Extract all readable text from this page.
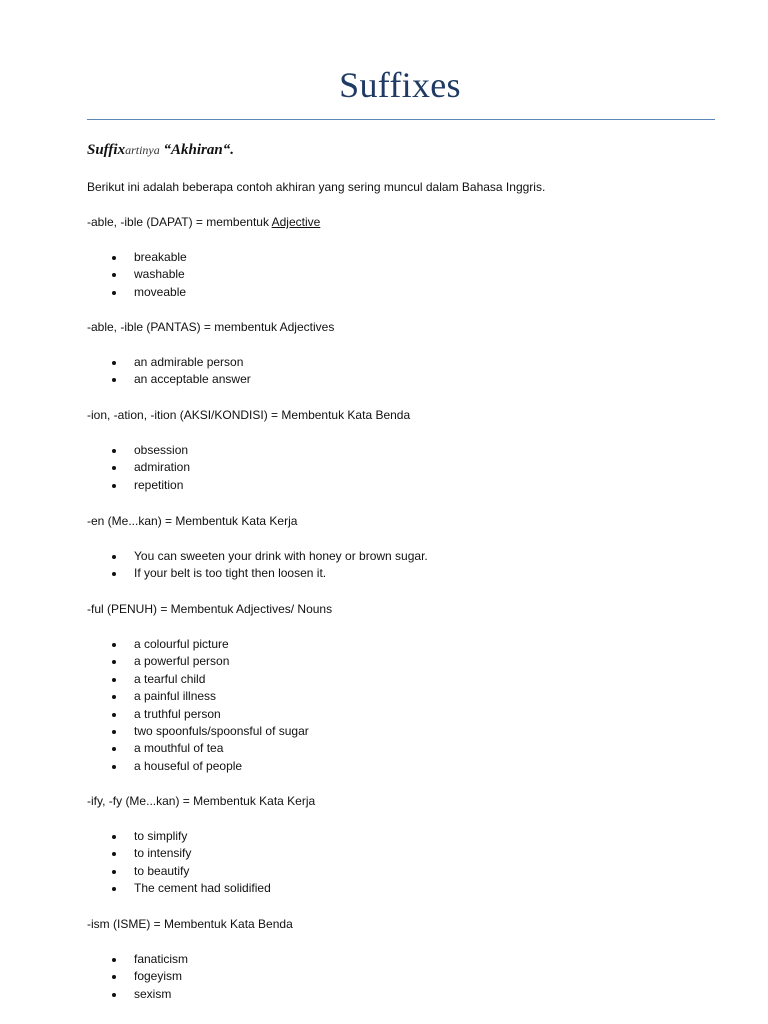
Suffixes
Suffixartinya “Akhiran“.
Berikut ini adalah beberapa contoh akhiran yang sering muncul dalam Bahasa Inggris.
-able, -ible (DAPAT) = membentuk Adjective
breakable
washable
moveable
-able, -ible (PANTAS) = membentuk Adjectives
an admirable person
an acceptable answer
-ion, -ation, -ition (AKSI/KONDISI) = Membentuk Kata Benda
obsession
admiration
repetition
-en (Me...kan) = Membentuk Kata Kerja
You can sweeten your drink with honey or brown sugar.
If your belt is too tight then loosen it.
-ful (PENUH) = Membentuk Adjectives/ Nouns
a colourful picture
a powerful person
a tearful child
a painful illness
a truthful person
two spoonfuls/spoonsful of sugar
a mouthful of tea
a houseful of people
-ify, -fy (Me...kan) = Membentuk Kata Kerja
to simplify
to intensify
to beautify
The cement had solidified
-ism (ISME) = Membentuk Kata Benda
fanaticism
fogeyism
sexism
